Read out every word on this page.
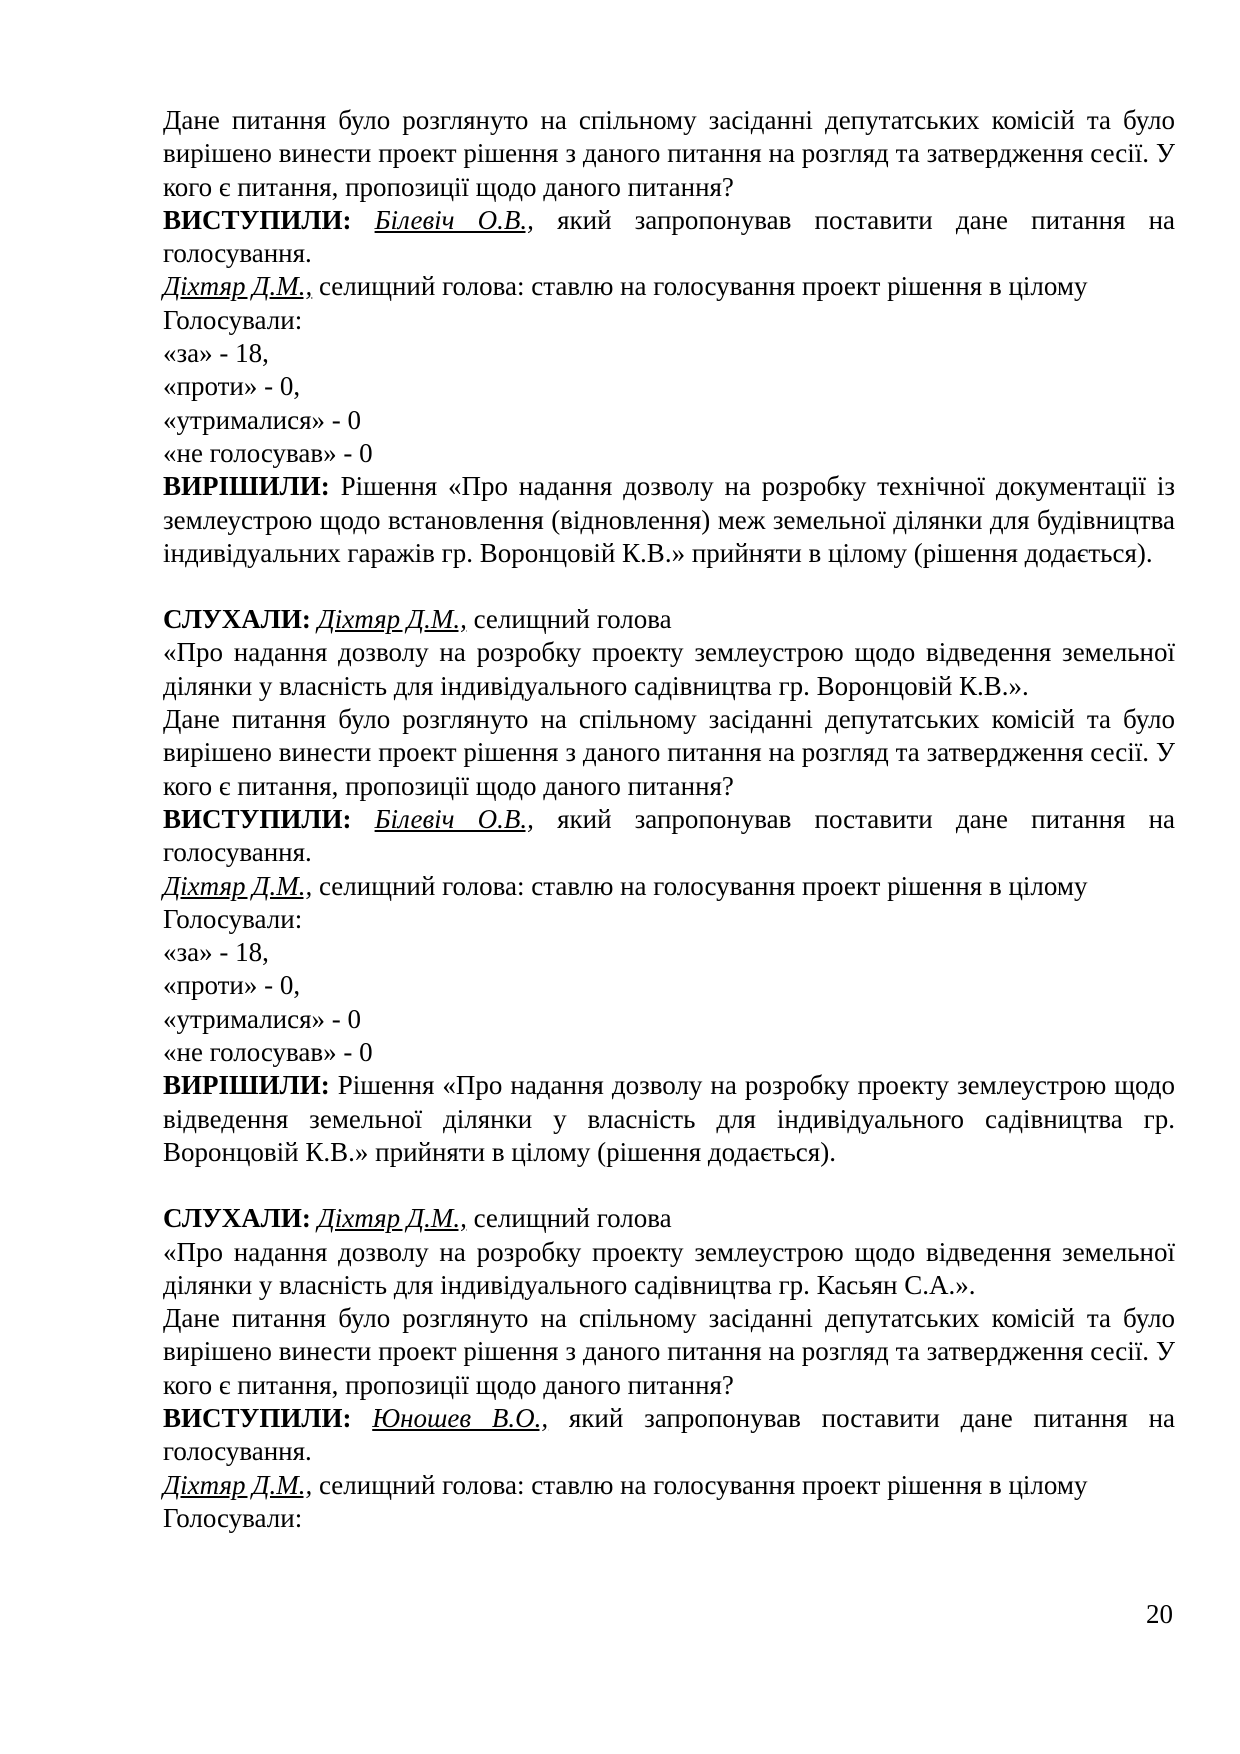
Дане питання було розглянуто на спільному засіданні депутатських комісій та було вирішено винести проект рішення з даного питання на розгляд та затвердження сесії. У кого є питання, пропозиції щодо даного питання?

ВИСТУПИЛИ: Білевіч О.В., який запропонував поставити дане питання на голосування.

Діхтяр Д.М., селищний голова: ставлю на голосування проект рішення в цілому

Голосували:

«за» - 18,

«проти» - 0,

«утрималися» - 0

«не голосував» - 0

ВИРІШИЛИ: Рішення «Про надання дозволу на розробку технічної документації із землеустрою щодо встановлення (відновлення) меж земельної ділянки для будівництва індивідуальних гаражів гр. Воронцовій К.В.» прийняти в цілому (рішення додається).

СЛУХАЛИ: Діхтяр Д.М., селищний голова

«Про надання дозволу на розробку проекту землеустрою щодо відведення земельної ділянки у власність для індивідуального садівництва гр. Воронцовій К.В.».

Дане питання було розглянуто на спільному засіданні депутатських комісій та було вирішено винести проект рішення з даного питання на розгляд та затвердження сесії. У кого є питання, пропозиції щодо даного питання?

ВИСТУПИЛИ: Білевіч О.В., який запропонував поставити дане питання на голосування.

Діхтяр Д.М., селищний голова: ставлю на голосування проект рішення в цілому

Голосували:

«за» - 18,

«проти» - 0,

«утрималися» - 0

«не голосував» - 0

ВИРІШИЛИ: Рішення «Про надання дозволу на розробку проекту землеустрою щодо відведення земельної ділянки у власність для індивідуального садівництва гр. Воронцовій К.В.» прийняти в цілому (рішення додається).

СЛУХАЛИ: Діхтяр Д.М., селищний голова

«Про надання дозволу на розробку проекту землеустрою щодо відведення земельної ділянки у власність для індивідуального садівництва гр. Касьян С.А.».

Дане питання було розглянуто на спільному засіданні депутатських комісій та було вирішено винести проект рішення з даного питання на розгляд та затвердження сесії. У кого є питання, пропозиції щодо даного питання?

ВИСТУПИЛИ: Юношев В.О., який запропонував поставити дане питання на голосування.

Діхтяр Д.М., селищний голова: ставлю на голосування проект рішення в цілому

Голосували:

20
